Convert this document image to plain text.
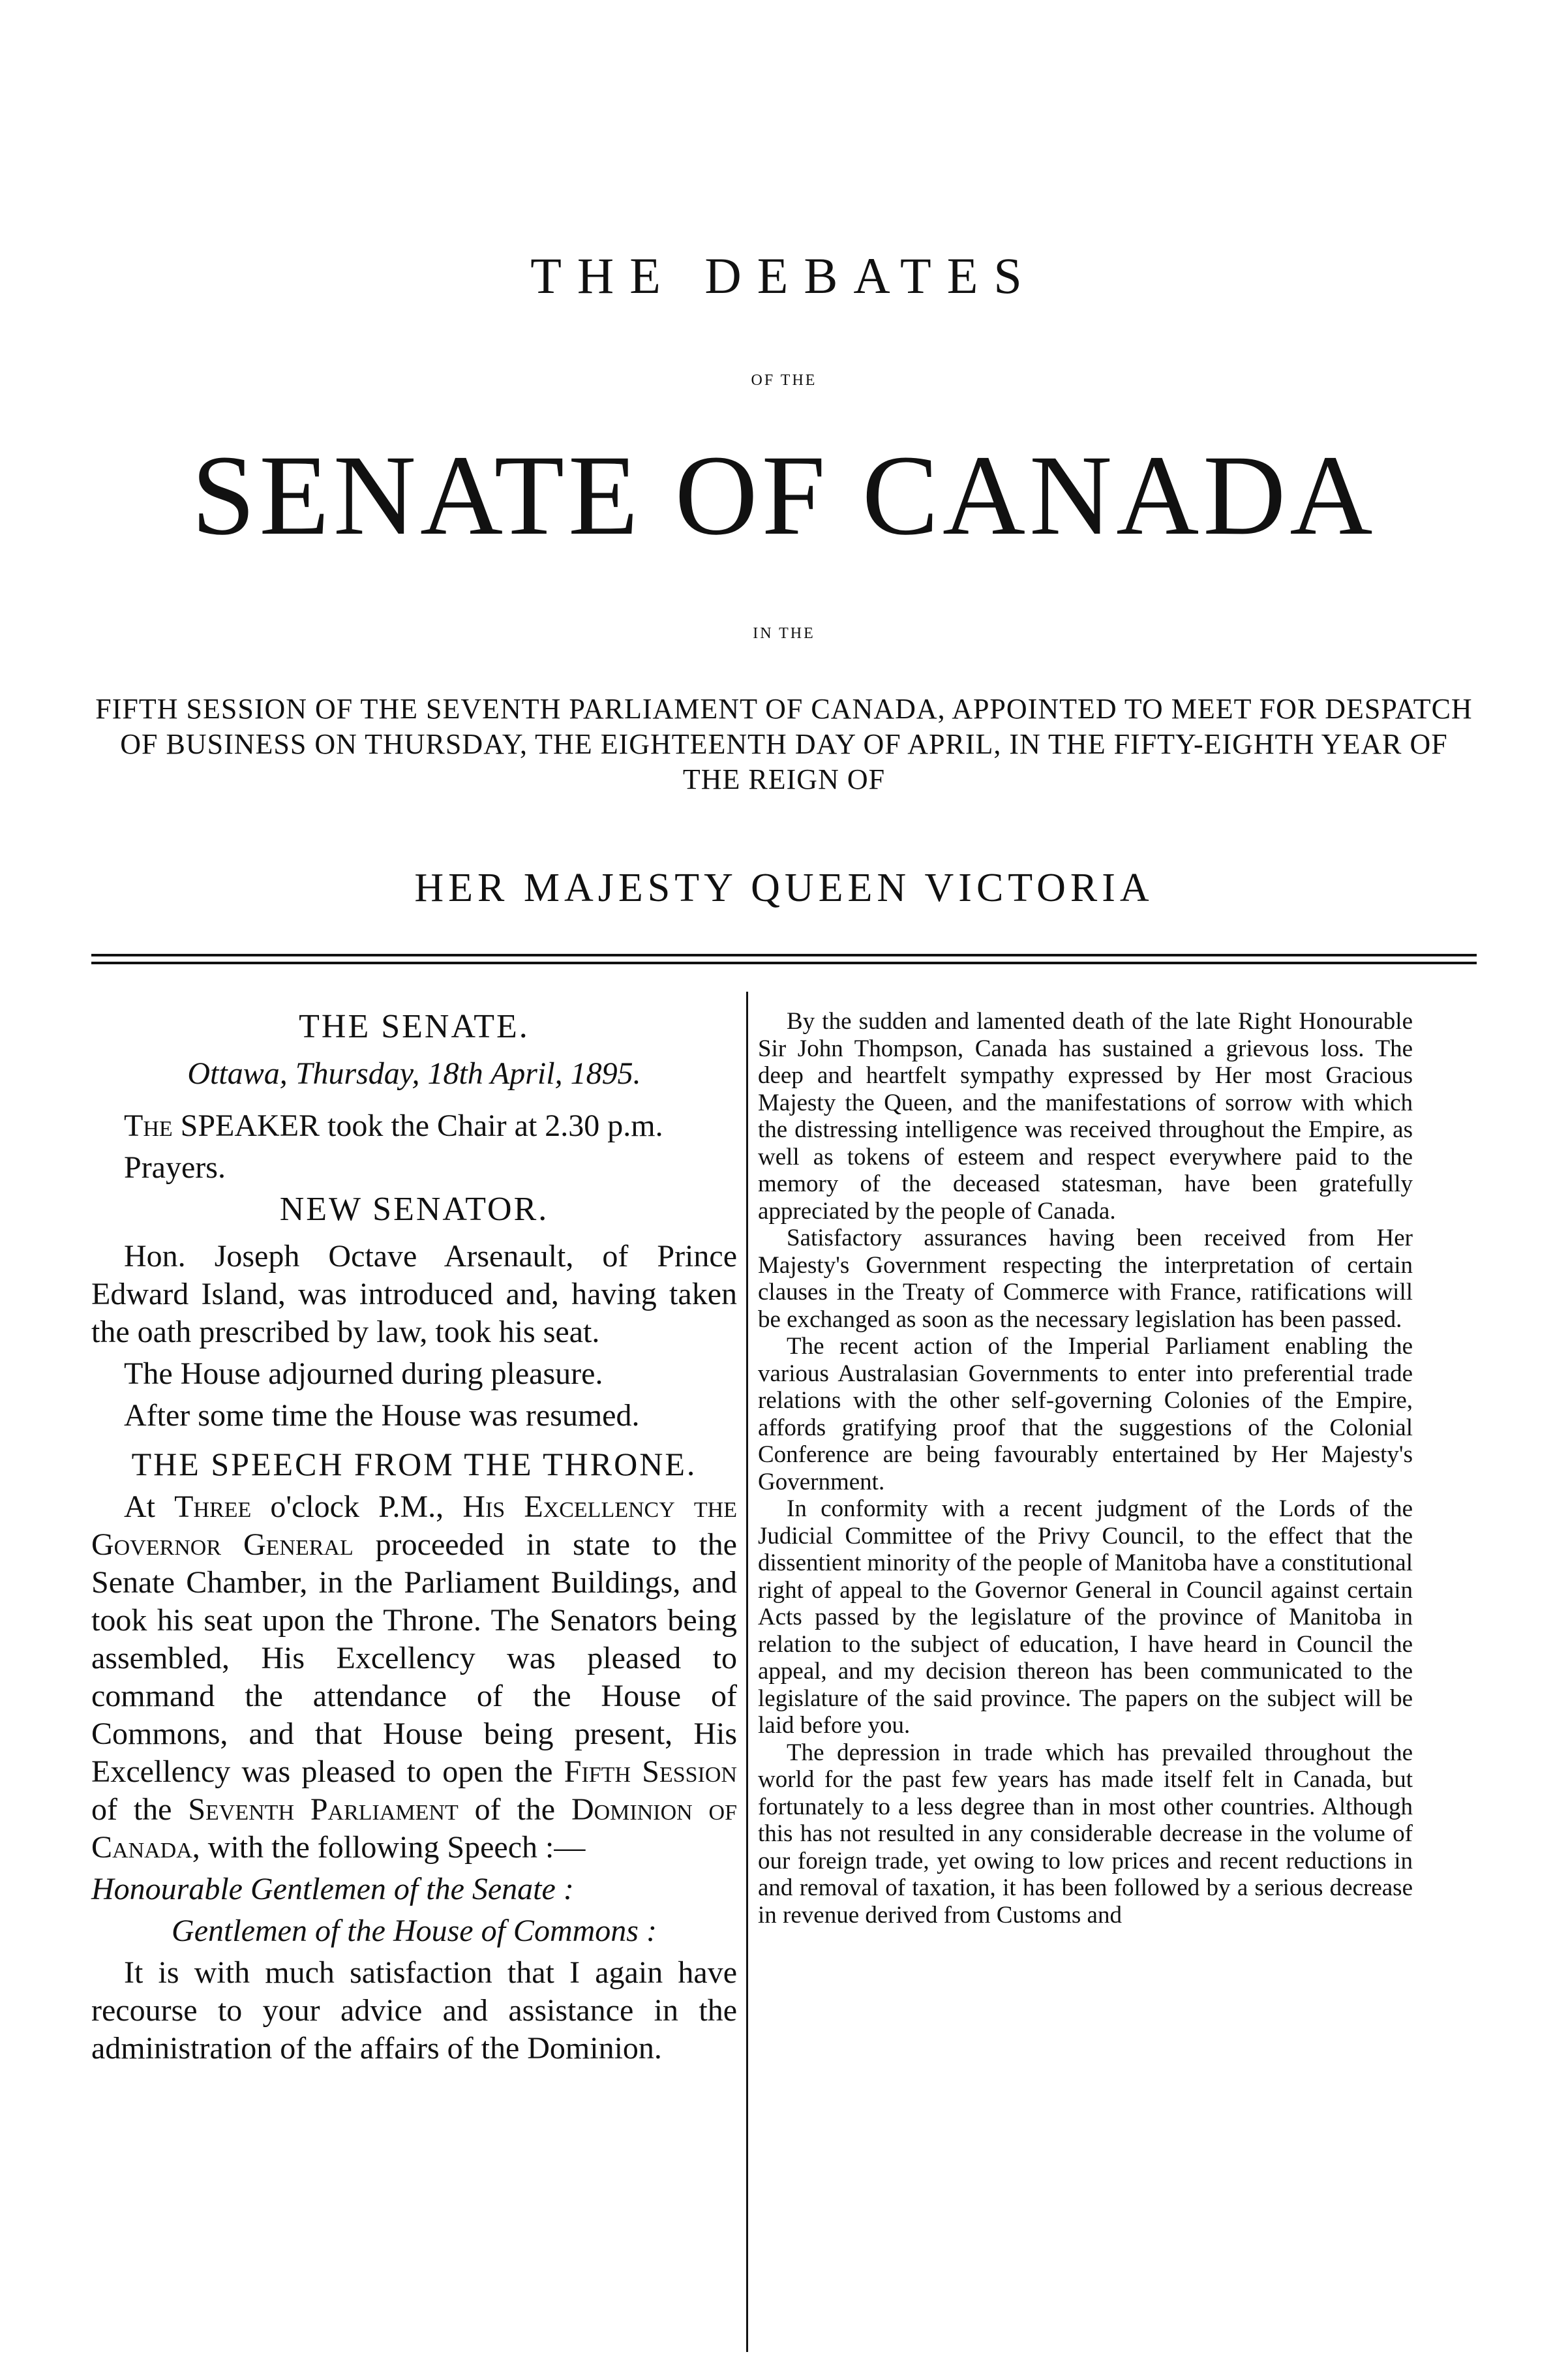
THE DEBATES
OF THE
SENATE OF CANADA
IN THE
FIFTH SESSION OF THE SEVENTH PARLIAMENT OF CANADA, APPOINTED TO MEET FOR DESPATCH OF BUSINESS ON THURSDAY, THE EIGHTEENTH DAY OF APRIL, IN THE FIFTY-EIGHTH YEAR OF THE REIGN OF
HER MAJESTY QUEEN VICTORIA

THE SENATE.

Ottawa, Thursday, 18th April, 1895.

The SPEAKER took the Chair at 2.30 p.m.

Prayers.

NEW SENATOR.

Hon. Joseph Octave Arsenault, of Prince Edward Island, was introduced and, having taken the oath prescribed by law, took his seat.

The House adjourned during pleasure.

After some time the House was resumed.

THE SPEECH FROM THE THRONE.

At Three o'clock P.M., His Excellency the Governor General proceeded in state to the Senate Chamber, in the Parliament Buildings, and took his seat upon the Throne. The Senators being assembled, His Excellency was pleased to command the attendance of the House of Commons, and that House being present, His Excellency was pleased to open the Fifth Session of the Seventh Parliament of the Dominion of Canada, with the following Speech :—

Honourable Gentlemen of the Senate :

Gentlemen of the House of Commons :

It is with much satisfaction that I again have recourse to your advice and assistance in the administration of the affairs of the Dominion.

By the sudden and lamented death of the late Right Honourable Sir John Thompson, Canada has sustained a grievous loss. The deep and heartfelt sympathy expressed by Her most Gracious Majesty the Queen, and the manifestations of sorrow with which the distressing intelligence was received throughout the Empire, as well as tokens of esteem and respect everywhere paid to the memory of the deceased statesman, have been gratefully appreciated by the people of Canada.

Satisfactory assurances having been received from Her Majesty's Government respecting the interpretation of certain clauses in the Treaty of Commerce with France, ratifications will be exchanged as soon as the necessary legislation has been passed.

The recent action of the Imperial Parliament enabling the various Australasian Governments to enter into preferential trade relations with the other self-governing Colonies of the Empire, affords gratifying proof that the suggestions of the Colonial Conference are being favourably entertained by Her Majesty's Government.

In conformity with a recent judgment of the Lords of the Judicial Committee of the Privy Council, to the effect that the dissentient minority of the people of Manitoba have a constitutional right of appeal to the Governor General in Council against certain Acts passed by the legislature of the province of Manitoba in relation to the subject of education, I have heard in Council the appeal, and my decision thereon has been communicated to the legislature of the said province. The papers on the subject will be laid before you.

The depression in trade which has prevailed throughout the world for the past few years has made itself felt in Canada, but fortunately to a less degree than in most other countries. Although this has not resulted in any considerable decrease in the volume of our foreign trade, yet owing to low prices and recent reductions in and removal of taxation, it has been followed by a serious decrease in revenue derived from Customs and
